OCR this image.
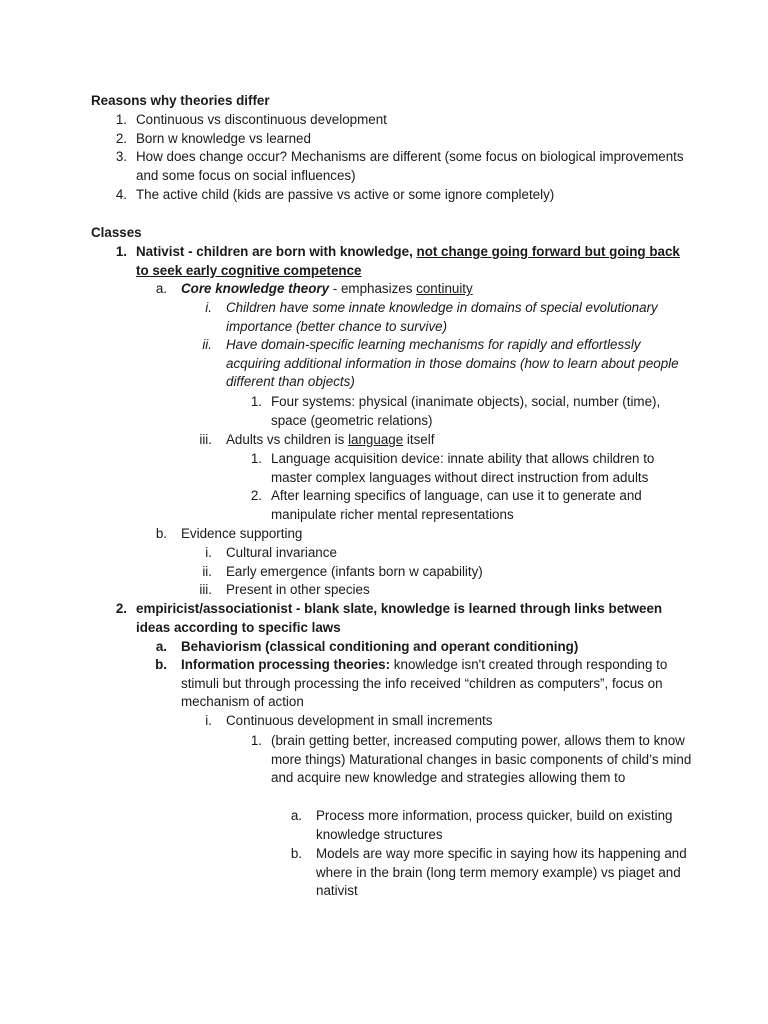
Reasons why theories differ
1. Continuous vs discontinuous development
2. Born w knowledge vs learned
3. How does change occur? Mechanisms are different (some focus on biological improvements and some focus on social influences)
4. The active child (kids are passive vs active or some ignore completely)
Classes
1. Nativist - children are born with knowledge, not change going forward but going back to seek early cognitive competence
a. Core knowledge theory - emphasizes continuity
i. Children have some innate knowledge in domains of special evolutionary importance (better chance to survive)
ii. Have domain-specific learning mechanisms for rapidly and effortlessly acquiring additional information in those domains (how to learn about people different than objects)
1. Four systems: physical (inanimate objects), social, number (time), space (geometric relations)
iii. Adults vs children is language itself
1. Language acquisition device: innate ability that allows children to master complex languages without direct instruction from adults
2. After learning specifics of language, can use it to generate and manipulate richer mental representations
b. Evidence supporting
i. Cultural invariance
ii. Early emergence (infants born w capability)
iii. Present in other species
2. empiricist/associationist - blank slate, knowledge is learned through links between ideas according to specific laws
a. Behaviorism (classical conditioning and operant conditioning)
b. Information processing theories: knowledge isn't created through responding to stimuli but through processing the info received “children as computers”, focus on mechanism of action
i. Continuous development in small increments
1. (brain getting better, increased computing power, allows them to know more things) Maturational changes in basic components of child’s mind and acquire new knowledge and strategies allowing them to
a. Process more information, process quicker, build on existing knowledge structures
b. Models are way more specific in saying how its happening and where in the brain (long term memory example) vs piaget and nativist
